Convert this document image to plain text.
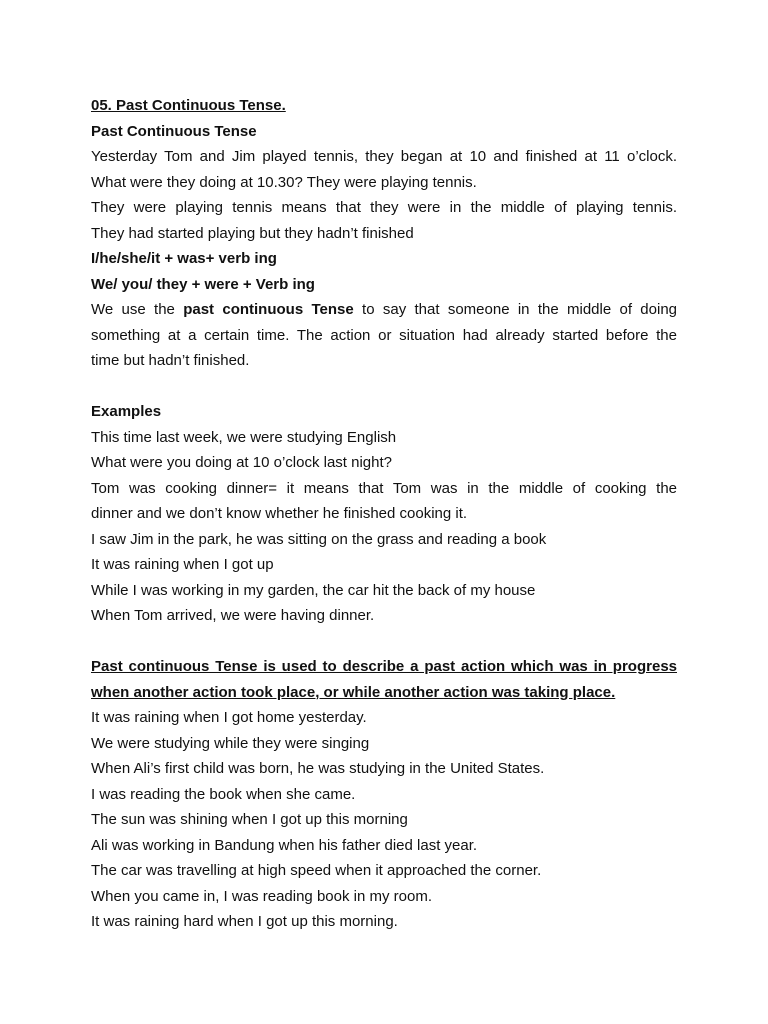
05. Past Continuous Tense.
Past Continuous Tense
Yesterday Tom and Jim played tennis, they began at 10 and finished at 11 o’clock.
What were they doing at 10.30? They were playing tennis.
They were playing tennis means that they were in the middle of playing tennis.
They had started playing but they hadn’t finished
I/he/she/it + was+ verb ing
We/ you/ they + were + Verb ing
We use the past continuous Tense to say that someone in the middle of doing
something at a certain time. The action or situation had already started before the
time but hadn’t finished.
Examples
This time last week, we were studying English
What were you doing at 10 o’clock last night?
Tom was cooking dinner= it means that Tom was in the middle of cooking the
dinner and we don’t know whether he finished cooking it.
I saw Jim in the park, he was sitting on the grass and reading a book
It was raining when I got up
While I was working in my garden, the car hit the back of my house
When Tom arrived, we were having dinner.
Past continuous Tense is used to describe a past action which was in progress
when another action took place, or while another action was taking place.
It was raining when I got home yesterday.
We were studying while they were singing
When Ali’s first child was born, he was studying in the United States.
I was reading the book when she came.
The sun was shining when I got up this morning
Ali was working in Bandung when his father died last year.
The car was travelling at high speed when it approached the corner.
When you came in, I was reading book in my room.
It was raining hard when I got up this morning.
